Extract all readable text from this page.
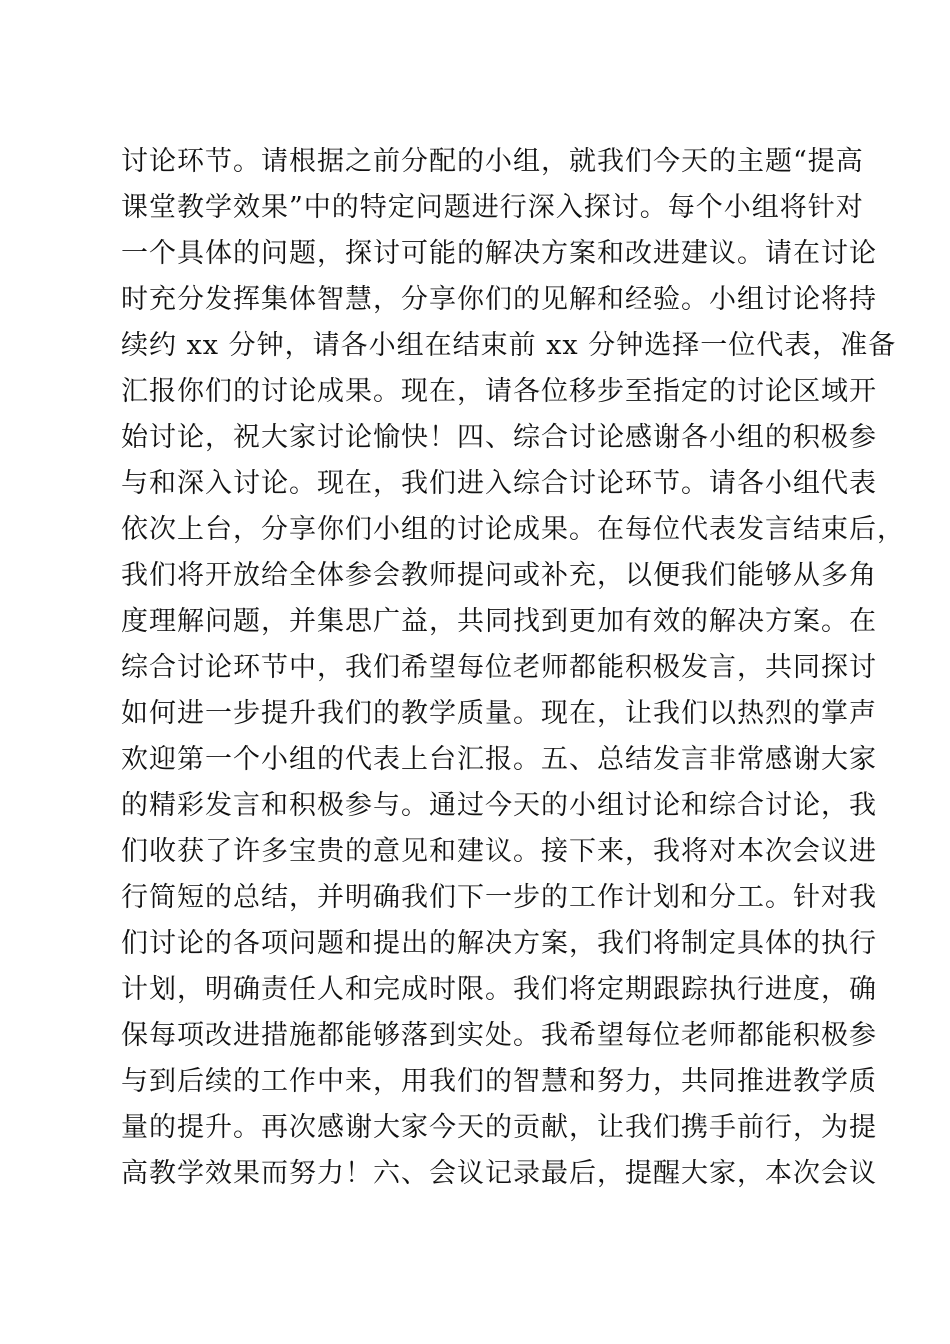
讨论环节。请根据之前分配的小组，就我们今天的主题“提高
课堂教学效果”中的特定问题进行深入探讨。每个小组将针对
一个具体的问题，探讨可能的解决方案和改进建议。请在讨论
时充分发挥集体智慧，分享你们的见解和经验。小组讨论将持
续约 xx 分钟，请各小组在结束前 xx 分钟选择一位代表，准备
汇报你们的讨论成果。现在，请各位移步至指定的讨论区域开
始讨论，祝大家讨论愉快！四、综合讨论感谢各小组的积极参
与和深入讨论。现在，我们进入综合讨论环节。请各小组代表
依次上台，分享你们小组的讨论成果。在每位代表发言结束后，
我们将开放给全体参会教师提问或补充，以便我们能够从多角
度理解问题，并集思广益，共同找到更加有效的解决方案。在
综合讨论环节中，我们希望每位老师都能积极发言，共同探讨
如何进一步提升我们的教学质量。现在，让我们以热烈的掌声
欢迎第一个小组的代表上台汇报。五、总结发言非常感谢大家
的精彩发言和积极参与。通过今天的小组讨论和综合讨论，我
们收获了许多宝贵的意见和建议。接下来，我将对本次会议进
行简短的总结，并明确我们下一步的工作计划和分工。针对我
们讨论的各项问题和提出的解决方案，我们将制定具体的执行
计划，明确责任人和完成时限。我们将定期跟踪执行进度，确
保每项改进措施都能够落到实处。我希望每位老师都能积极参
与到后续的工作中来，用我们的智慧和努力，共同推进教学质
量的提升。再次感谢大家今天的贡献，让我们携手前行，为提
高教学效果而努力！六、会议记录最后，提醒大家，本次会议
